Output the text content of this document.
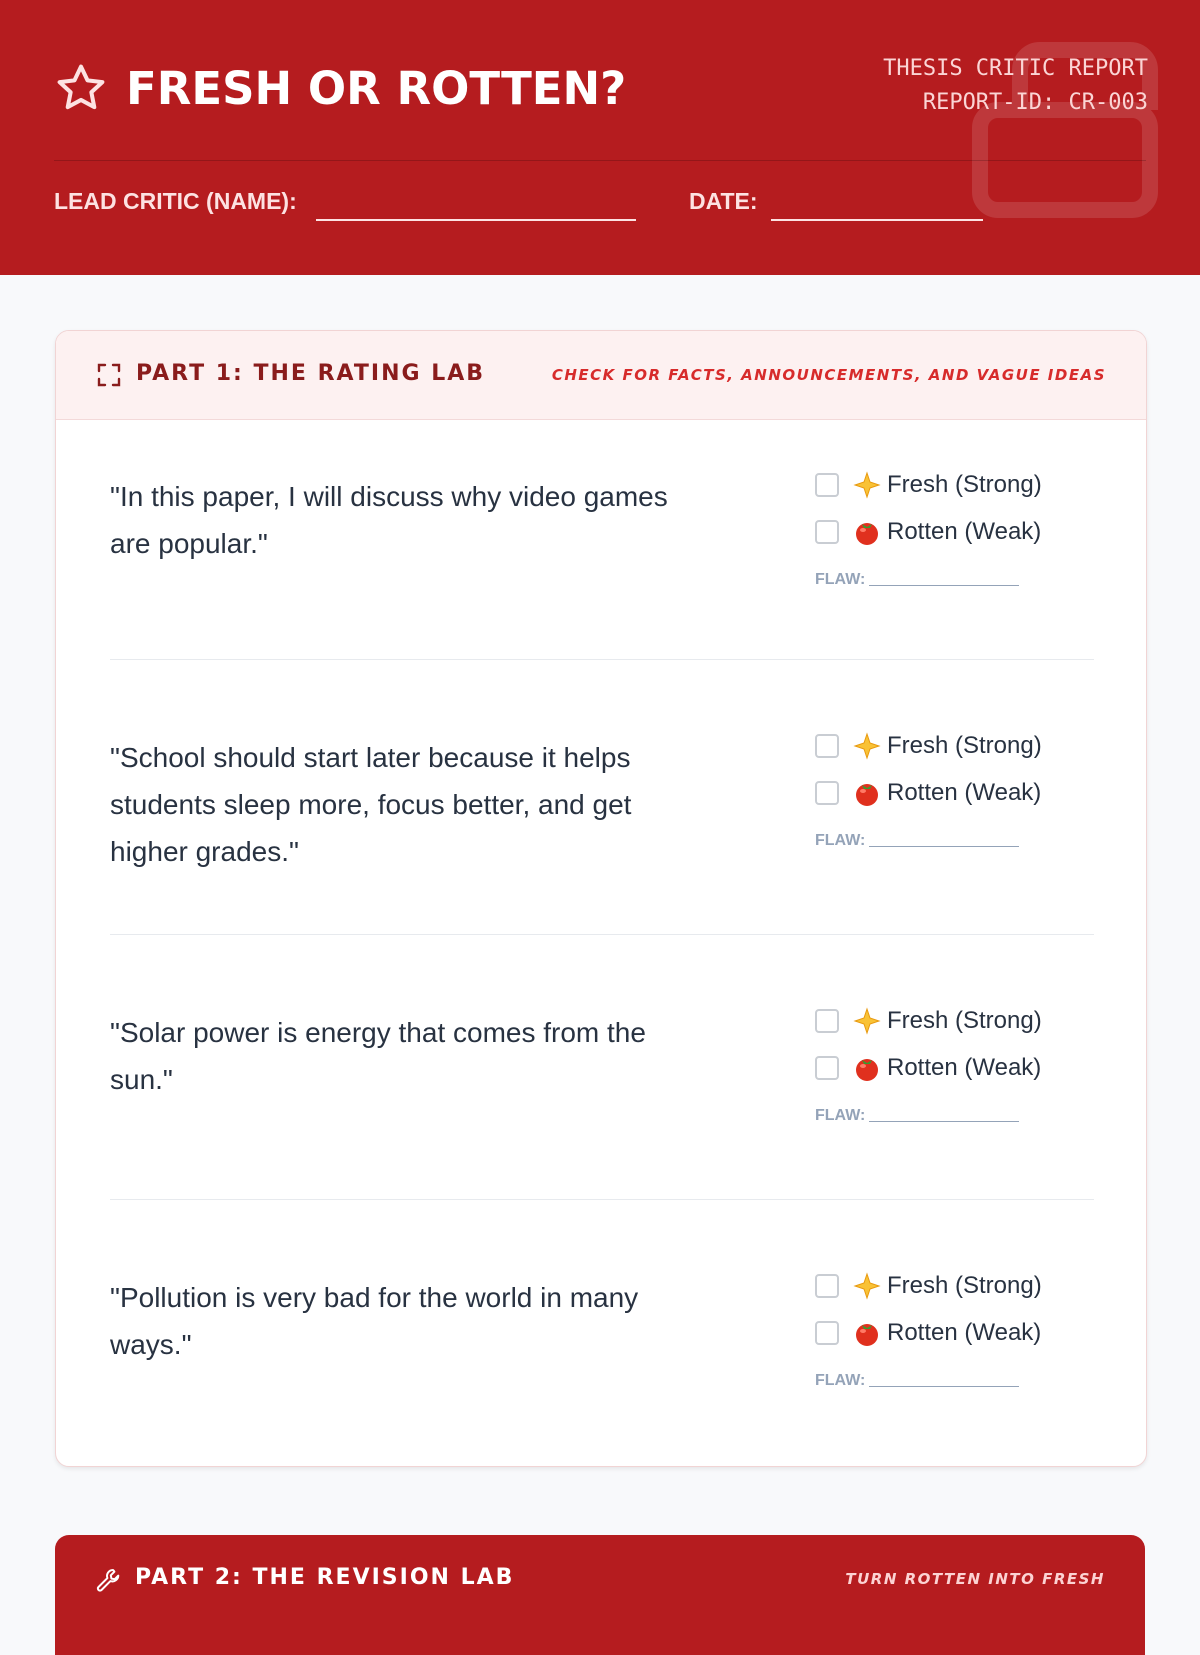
FRESH OR ROTTEN?	THESIS CRITIC REPORT
REPORT-ID: CR-003
LEAD CRITIC (NAME):	DATE:
PART 1: THE RATING LAB	CHECK FOR FACTS, ANNOUNCEMENTS, AND VAGUE IDEAS
"In this paper, I will discuss why video games are popular."
Fresh (Strong)
Rotten (Weak)
FLAW:
"School should start later because it helps students sleep more, focus better, and get higher grades."
Fresh (Strong)
Rotten (Weak)
FLAW:
"Solar power is energy that comes from the sun."
Fresh (Strong)
Rotten (Weak)
FLAW:
"Pollution is very bad for the world in many ways."
Fresh (Strong)
Rotten (Weak)
FLAW:
PART 2: THE REVISION LAB	TURN ROTTEN INTO FRESH
